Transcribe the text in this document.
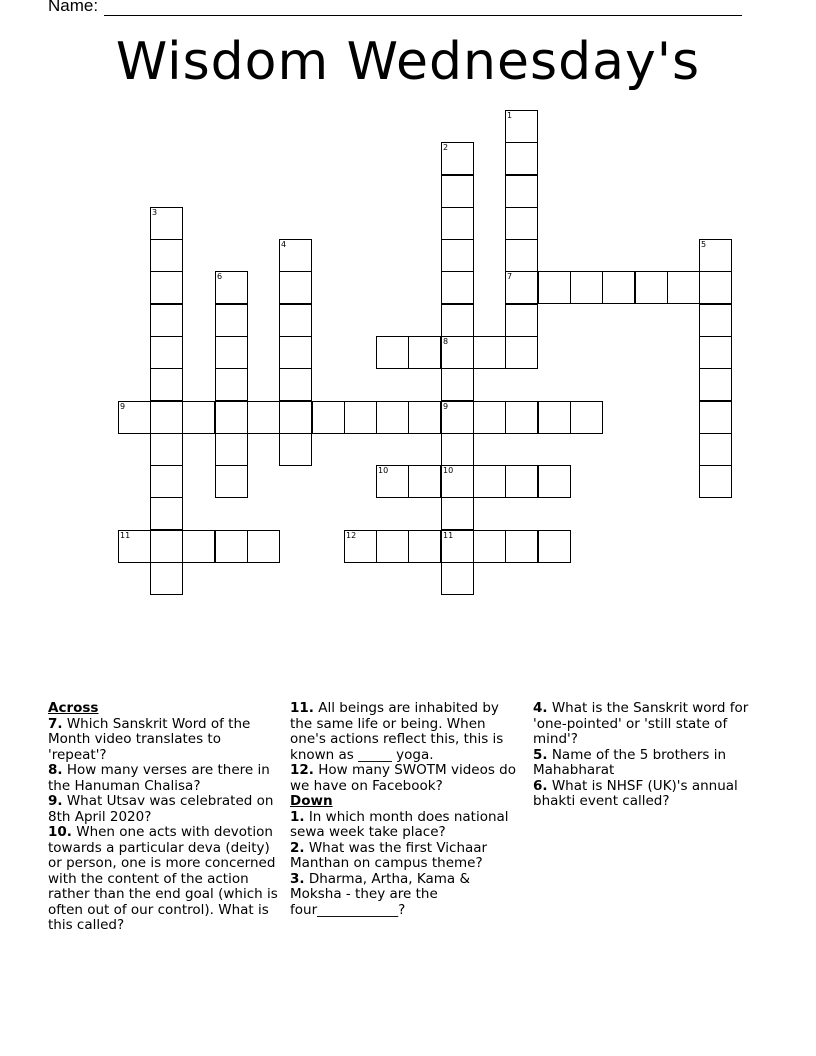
Name:
Wisdom Wednesday's
1
7
2
8
9
10
11
3
4
6
5
9
10
11	12
Across
7. Which Sanskrit Word of the Month video translates to 'repeat'?
8. How many verses are there in the Hanuman Chalisa?
9. What Utsav was celebrated on 8th April 2020?
10. When one acts with devotion towards a particular deva (deity) or person, one is more concerned with the content of the action rather than the end goal (which is often out of our control). What is this called?
11. All beings are inhabited by the same life or being. When one's actions reflect this, this is known as _____ yoga.
12. How many SWOTM videos do we have on Facebook?
Down
1. In which month does national sewa week take place?
2. What was the first Vichaar Manthan on campus theme?
3. Dharma, Artha, Kama & Moksha - they are the four____________?
4. What is the Sanskrit word for 'one-pointed' or 'still state of mind'?
5. Name of the 5 brothers in Mahabharat
6. What is NHSF (UK)'s annual bhakti event called?
